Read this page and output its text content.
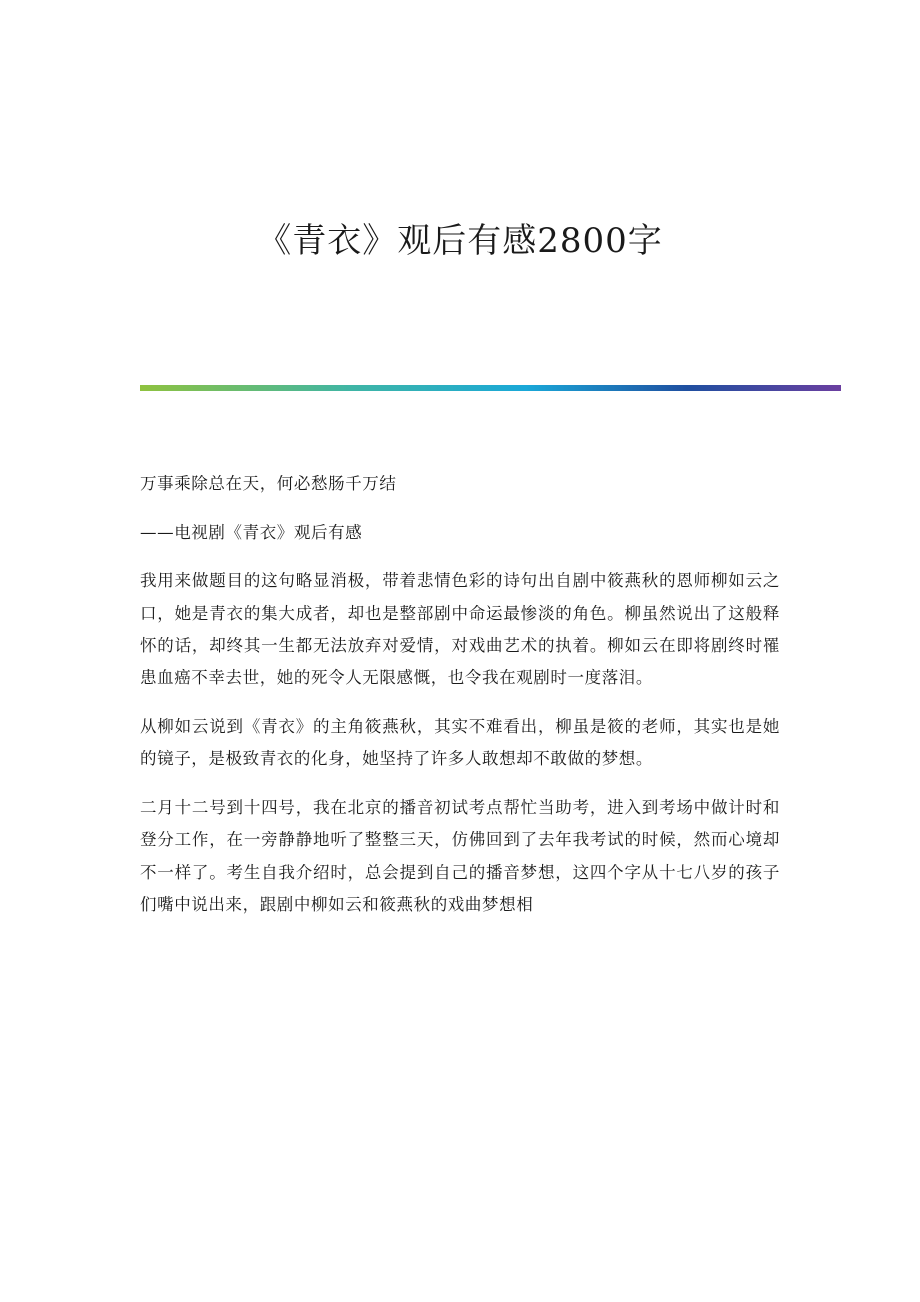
《青衣》观后有感2800字

万事乘除总在天，何必愁肠千万结

——电视剧《青衣》观后有感

我用来做题目的这句略显消极，带着悲情色彩的诗句出自剧中筱燕秋的恩师柳如云之口，她是青衣的集大成者，却也是整部剧中命运最惨淡的角色。柳虽然说出了这般释怀的话，却终其一生都无法放弃对爱情，对戏曲艺术的执着。柳如云在即将剧终时罹患血癌不幸去世，她的死令人无限感慨，也令我在观剧时一度落泪。

从柳如云说到《青衣》的主角筱燕秋，其实不难看出，柳虽是筱的老师，其实也是她的镜子，是极致青衣的化身，她坚持了许多人敢想却不敢做的梦想。

二月十二号到十四号，我在北京的播音初试考点帮忙当助考，进入到考场中做计时和登分工作，在一旁静静地听了整整三天，仿佛回到了去年我考试的时候，然而心境却不一样了。考生自我介绍时，总会提到自己的播音梦想，这四个字从十七八岁的孩子们嘴中说出来，跟剧中柳如云和筱燕秋的戏曲梦想相
